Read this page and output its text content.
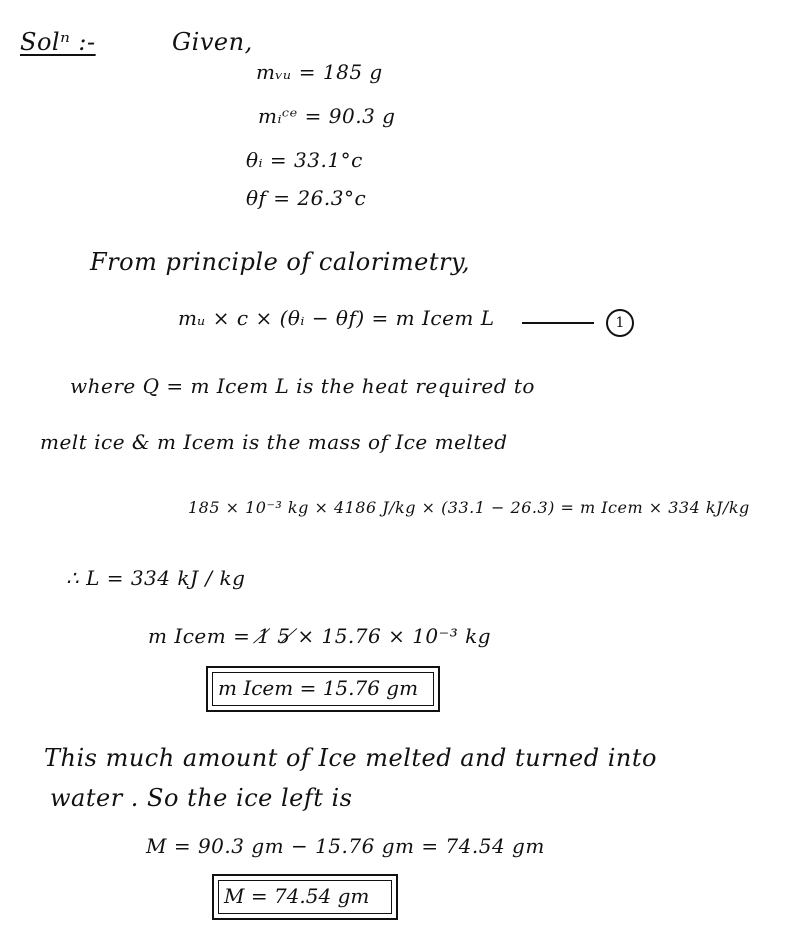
Solⁿ :-	Given,
mᵥᵤ = 185 g
mᵢᶜᵉ = 90.3 g
θᵢ = 33.1°c
θf = 26.3°c
From principle of calorimetry,
mᵤ × c × (θᵢ − θf) = m Icem L	1
where Q = m Icem L is the heat required to
melt ice & m Icem is the mass of Ice melted
185 × 10⁻³ kg × 4186 J/kg × (33.1 − 26.3) = m Icem × 334 kJ/kg
∴ L = 334 kJ / kg
m Icem = 1̸ 5 ̸× 15.76 × 10⁻³ kg
m Icem = 15.76 gm
This much amount of Ice melted and turned into
water . So the ice left is
M = 90.3 gm − 15.76 gm = 74.54 gm
M = 74.54 gm
